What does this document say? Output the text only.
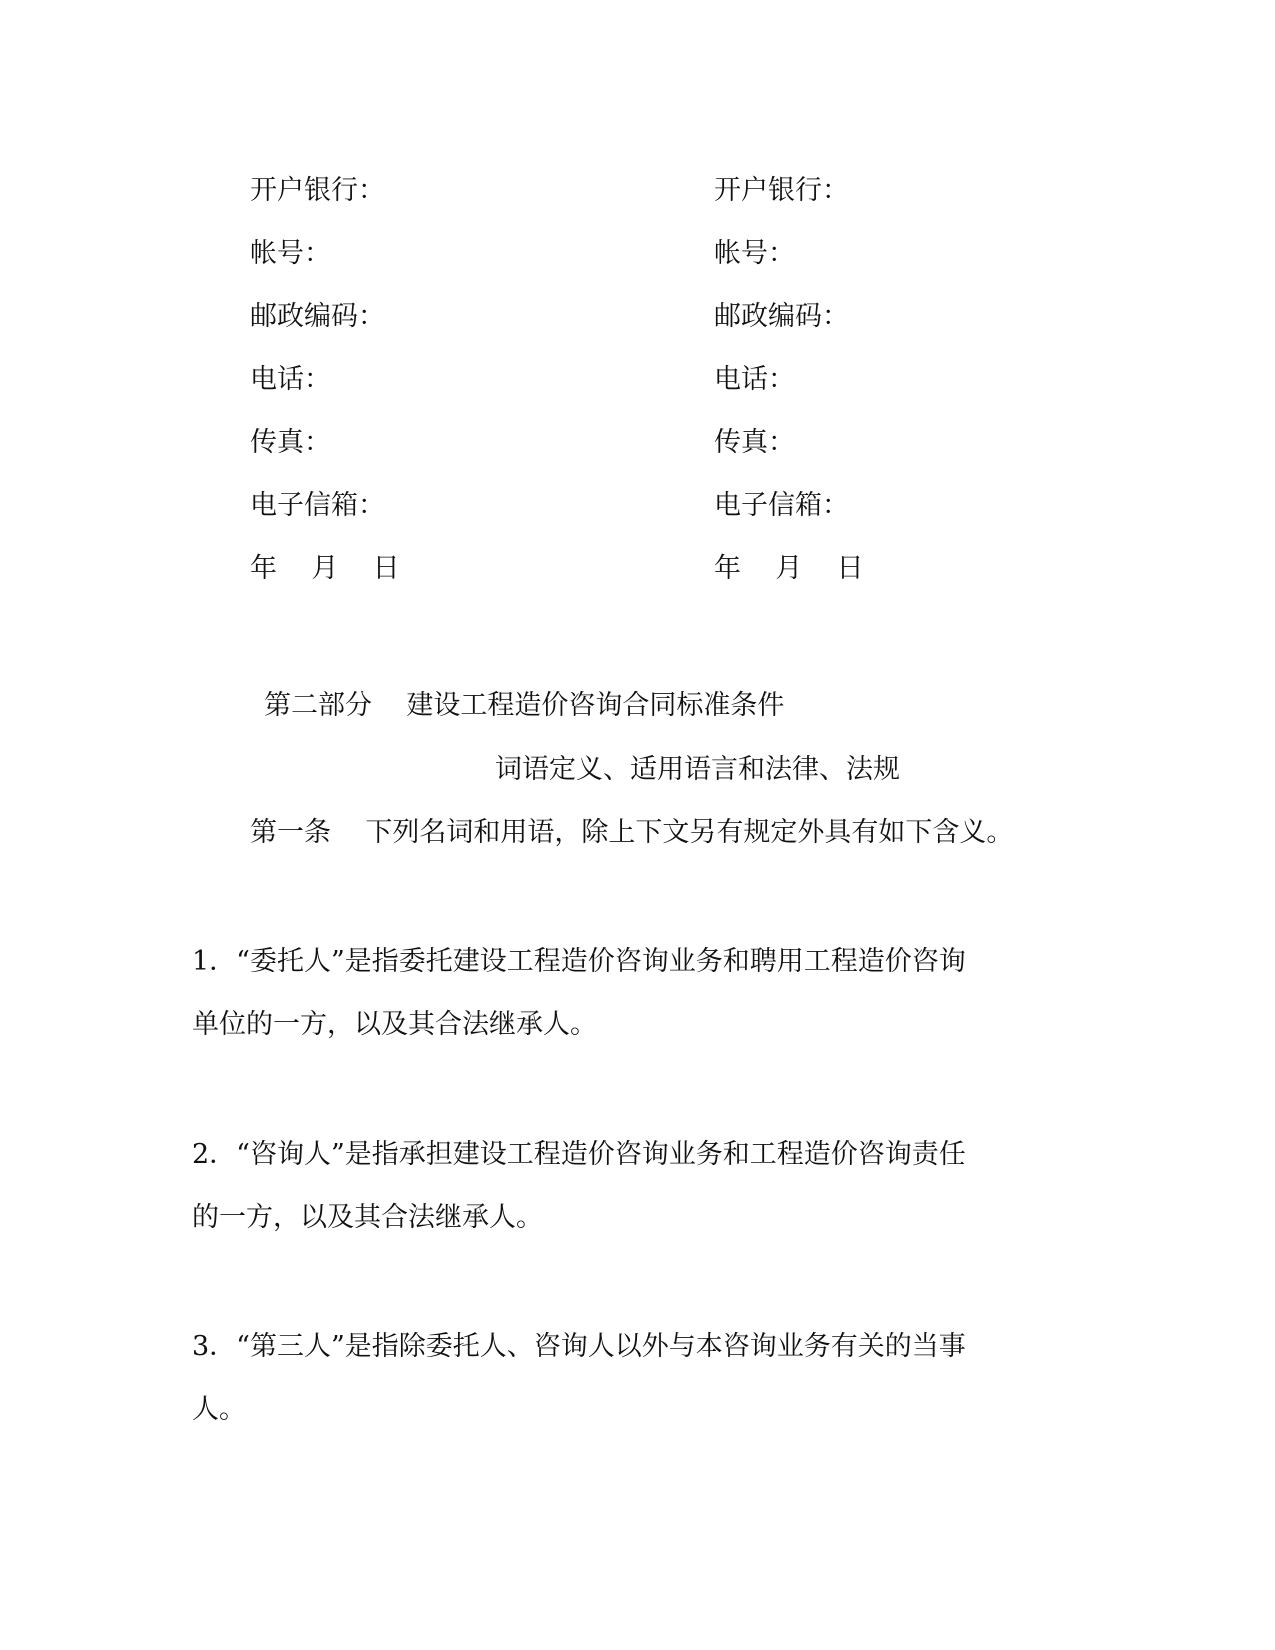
开户银行：
帐号：
邮政编码：
电话：
传真：
电子信箱：
年    月    日
开户银行：
帐号：
邮政编码：
电话：
传真：
电子信箱：
年    月    日
第二部分    建设工程造价咨询合同标准条件
词语定义、适用语言和法律、法规
第一条    下列名词和用语，除上下文另有规定外具有如下含义。
1．“委托人”是指委托建设工程造价咨询业务和聘用工程造价咨询
单位的一方，以及其合法继承人。
2．“咨询人”是指承担建设工程造价咨询业务和工程造价咨询责任
的一方，以及其合法继承人。
3．“第三人”是指除委托人、咨询人以外与本咨询业务有关的当事
人。
